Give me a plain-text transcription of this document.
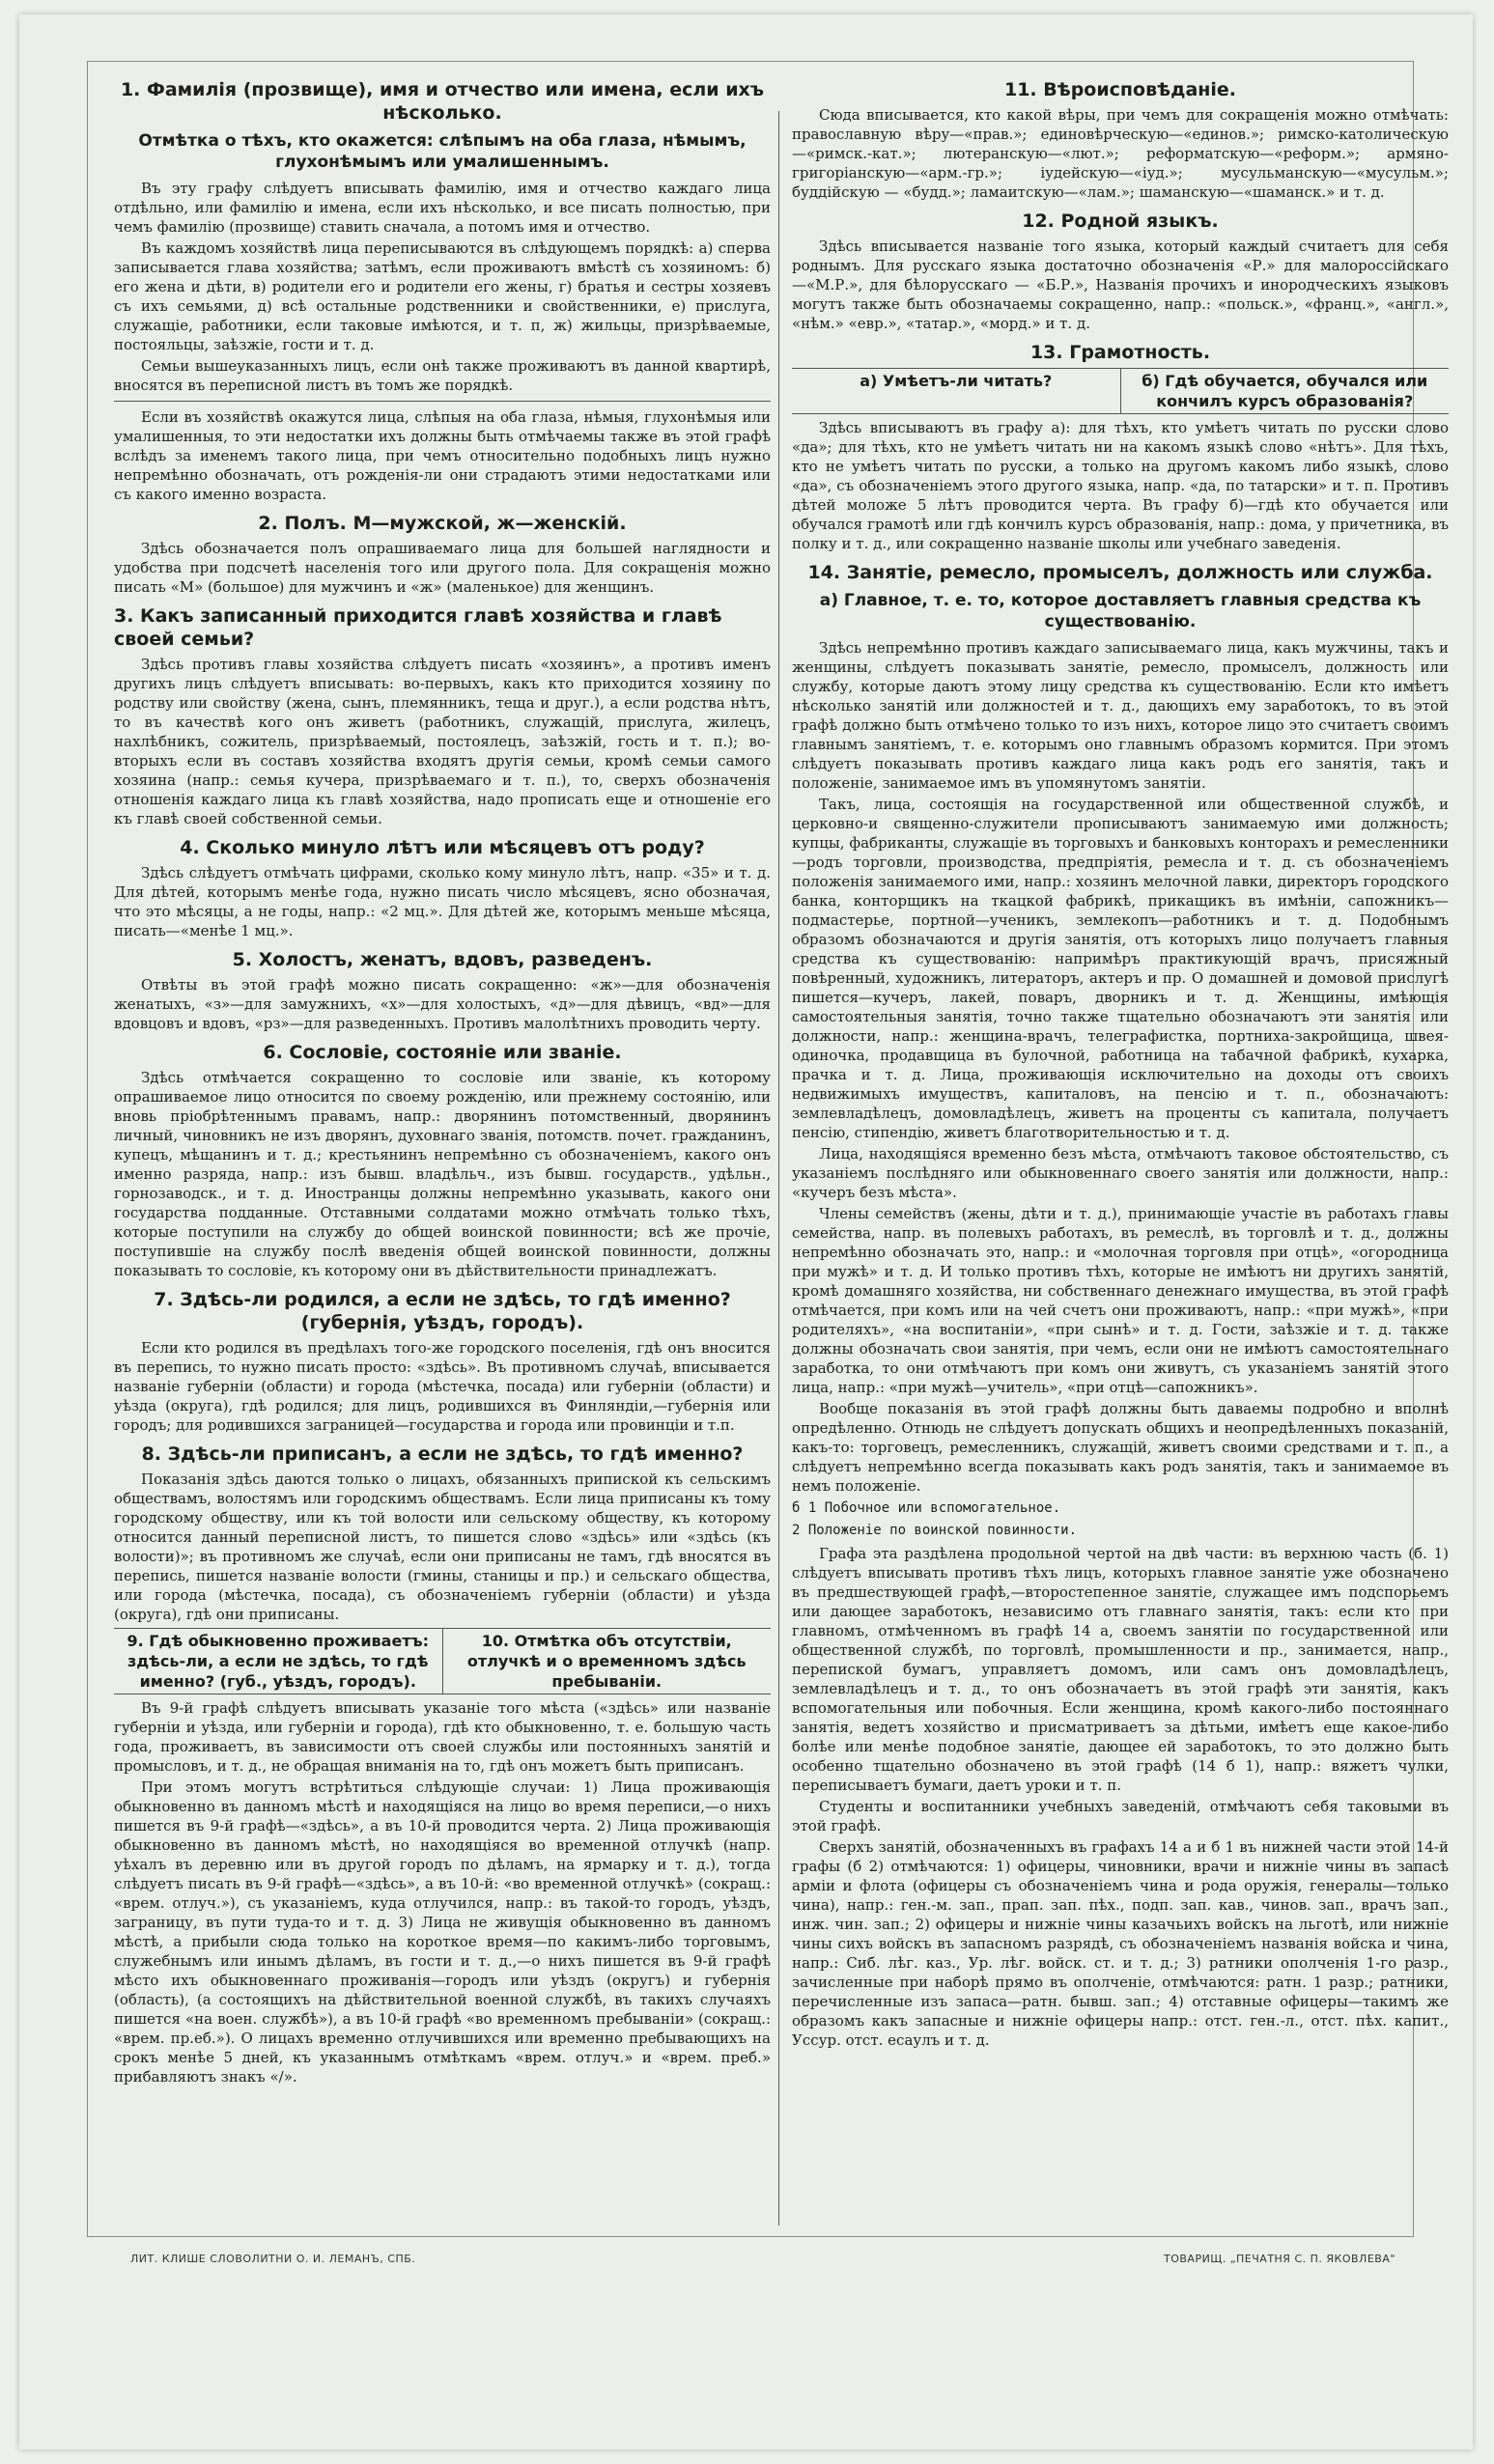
1. Фамилія (прозвище), имя и отчество или имена, если ихъ нѣсколько.
Отмѣтка о тѣхъ, кто окажется: слѣпымъ на оба глаза, нѣмымъ, глухонѣмымъ или умалишеннымъ.

Въ эту графу слѣдуетъ вписывать фамилію, имя и отчество каждаго лица отдѣльно, или фамилію и имена, если ихъ нѣсколько, и все писать полностью, при чемъ фамилію (прозвище) ставить сначала, а потомъ имя и отчество.

Въ каждомъ хозяйствѣ лица переписываются въ слѣдующемъ порядкѣ: а) сперва записывается глава хозяйства; затѣмъ, если проживаютъ вмѣстѣ съ хозяиномъ: б) его жена и дѣти, в) родители его и родители его жены, г) братья и сестры хозяевъ съ ихъ семьями, д) всѣ остальные родственники и свойственники, е) прислуга, служащіе, работники, если таковые имѣются, и т. п, ж) жильцы, призрѣваемые, постояльцы, заѣзжіе, гости и т. д.

Семьи вышеуказанныхъ лицъ, если онѣ также проживаютъ въ данной квартирѣ, вносятся въ переписной листъ въ томъ же порядкѣ.

Если въ хозяйствѣ окажутся лица, слѣпыя на оба глаза, нѣмыя, глухонѣмыя или умалишенныя, то эти недостатки ихъ должны быть отмѣчаемы также въ этой графѣ вслѣдъ за именемъ такого лица, при чемъ относительно подобныхъ лицъ нужно непремѣнно обозначать, отъ рожденія-ли они страдаютъ этими недостатками или съ какого именно возраста.

2. Полъ. М—мужской, ж—женскій.

Здѣсь обозначается полъ опрашиваемаго лица для большей наглядности и удобства при подсчетѣ населенія того или другого пола. Для сокращенія можно писать «М» (большое) для мужчинъ и «ж» (маленькое) для женщинъ.

3. Какъ записанный приходится главѣ хозяйства и главѣ своей семьи?

Здѣсь противъ главы хозяйства слѣдуетъ писать «хозяинъ», а противъ именъ другихъ лицъ слѣдуетъ вписывать: во-первыхъ, какъ кто приходится хозяину по родству или свойству (жена, сынъ, племянникъ, теща и друг.), а если родства нѣтъ, то въ качествѣ кого онъ живетъ (работникъ, служащій, прислуга, жилецъ, нахлѣбникъ, сожитель, призрѣваемый, постоялецъ, заѣзжій, гость и т. п.); во-вторыхъ если въ составъ хозяйства входятъ другія семьи, кромѣ семьи самого хозяина (напр.: семья кучера, призрѣваемаго и т. п.), то, сверхъ обозначенія отношенія каждаго лица къ главѣ хозяйства, надо прописать еще и отношеніе его къ главѣ своей собственной семьи.

4. Сколько минуло лѣтъ или мѣсяцевъ отъ роду?

Здѣсь слѣдуетъ отмѣчать цифрами, сколько кому минуло лѣтъ, напр. «35» и т. д. Для дѣтей, которымъ менѣе года, нужно писать число мѣсяцевъ, ясно обозначая, что это мѣсяцы, а не годы, напр.: «2 мц.». Для дѣтей же, которымъ меньше мѣсяца, писать—«менѣе 1 мц.».

5. Холостъ, женатъ, вдовъ, разведенъ.

Отвѣты въ этой графѣ можно писать сокращенно: «ж»—для обозначенія женатыхъ, «з»—для замужнихъ, «х»—для холостыхъ, «д»—для дѣвицъ, «вд»—для вдовцовъ и вдовъ, «рз»—для разведенныхъ. Противъ малолѣтнихъ проводить черту.

6. Сословіе, состояніе или званіе.

Здѣсь отмѣчается сокращенно то сословіе или званіе, къ которому опрашиваемое лицо относится по своему рожденію, или прежнему состоянію, или вновь пріобрѣтеннымъ правамъ, напр.: дворянинъ потомственный, дворянинъ личный, чиновникъ не изъ дворянъ, духовнаго званія, потомств. почет. гражданинъ, купецъ, мѣщанинъ и т. д.; крестьянинъ непремѣнно съ обозначеніемъ, какого онъ именно разряда, напр.: изъ бывш. владѣльч., изъ бывш. государств., удѣльн., горнозаводск., и т. д. Иностранцы должны непремѣнно указывать, какого они государства подданные. Отставными солдатами можно отмѣчать только тѣхъ, которые поступили на службу до общей воинской повинности; всѣ же прочіе, поступившіе на службу послѣ введенія общей воинской повинности, должны показывать то сословіе, къ которому они въ дѣйствительности принадлежатъ.

7. Здѣсь-ли родился, а если не здѣсь, то гдѣ именно? (губернія, уѣздъ, городъ).

Если кто родился въ предѣлахъ того-же городского поселенія, гдѣ онъ вносится въ перепись, то нужно писать просто: «здѣсь». Въ противномъ случаѣ, вписывается названіе губерніи (области) и города (мѣстечка, посада) или губерніи (области) и уѣзда (округа), гдѣ родился; для лицъ, родившихся въ Финляндіи,—губернія или городъ; для родившихся заграницей—государства и города или провинціи и т.п.

8. Здѣсь-ли приписанъ, а если не здѣсь, то гдѣ именно?

Показанія здѣсь даются только о лицахъ, обязанныхъ припиской къ сельскимъ обществамъ, волостямъ или городскимъ обществамъ. Если лица приписаны къ тому городскому обществу, или къ той волости или сельскому обществу, къ которому относится данный переписной листъ, то пишется слово «здѣсь» или «здѣсь (къ волости)»; въ противномъ же случаѣ, если они приписаны не тамъ, гдѣ вносятся въ перепись, пишется названіе волости (гмины, станицы и пр.) и сельскаго общества, или города (мѣстечка, посада), съ обозначеніемъ губерніи (области) и уѣзда (округа), гдѣ они приписаны.

9. Гдѣ обыкновенно проживаетъ: здѣсь-ли, а если не здѣсь, то гдѣ именно? (губ., уѣздъ, городъ).
10. Отмѣтка объ отсутствіи, отлучкѣ и о временномъ здѣсь пребываніи.

Въ 9-й графѣ слѣдуетъ вписывать указаніе того мѣста («здѣсь» или названіе губерніи и уѣзда, или губерніи и города), гдѣ кто обыкновенно, т. е. большую часть года, проживаетъ, въ зависимости отъ своей службы или постоянныхъ занятій и промысловъ, и т. д., не обращая вниманія на то, гдѣ онъ можетъ быть приписанъ.

При этомъ могутъ встрѣтиться слѣдующіе случаи: 1) Лица проживающія обыкновенно въ данномъ мѣстѣ и находящіяся на лицо во время переписи,—о нихъ пишется въ 9-й графѣ—«здѣсь», а въ 10-й проводится черта. 2) Лица проживающія обыкновенно въ данномъ мѣстѣ, но находящіяся во временной отлучкѣ (напр. уѣхалъ въ деревню или въ другой городъ по дѣламъ, на ярмарку и т. д.), тогда слѣдуетъ писать въ 9-й графѣ—«здѣсь», а въ 10-й: «во временной отлучкѣ» (сокращ.: «врем. отлуч.»), съ указаніемъ, куда отлучился, напр.: въ такой-то городъ, уѣздъ, заграницу, въ пути туда-то и т. д. 3) Лица не живущія обыкновенно въ данномъ мѣстѣ, а прибыли сюда только на короткое время—по какимъ-либо торговымъ, служебнымъ или инымъ дѣламъ, въ гости и т. д.,—о нихъ пишется въ 9-й графѣ мѣсто ихъ обыкновеннаго проживанія—городъ или уѣздъ (округъ) и губернія (область), (а состоящихъ на дѣйствительной военной службѣ, въ такихъ случаяхъ пишется «на воен. службѣ»), а въ 10-й графѣ «во временномъ пребываніи» (сокращ.: «врем. пр.еб.»). О лицахъ временно отлучившихся или временно пребывающихъ на срокъ менѣе 5 дней, къ указаннымъ отмѣткамъ «врем. отлуч.» и «врем. преб.» прибавляютъ знакъ «/».

11. Вѣроисповѣданіе.

Сюда вписывается, кто какой вѣры, при чемъ для сокращенія можно отмѣчать: православную вѣру—«прав.»; единовѣрческую—«единов.»; римско-католическую—«римск.-кат.»; лютеранскую—«лют.»; реформатскую—«реформ.»; армяно-григоріанскую—«арм.-гр.»; іудейскую—«іуд.»; мусульманскую—«мусульм.»; буддійскую — «будд.»; ламаитскую—«лам.»; шаманскую—«шаманск.» и т. д.

12. Родной языкъ.

Здѣсь вписывается названіе того языка, который каждый считаетъ для себя роднымъ. Для русскаго языка достаточно обозначенія «Р.» для малороссійскаго—«М.Р.», для бѣлорусскаго — «Б.Р.», Названія прочихъ и инородческихъ языковъ могутъ также быть обозначаемы сокращенно, напр.: «польск.», «франц.», «англ.», «нѣм.» «евр.», «татар.», «морд.» и т. д.

13. Грамотность.
а) Умѣетъ-ли читать?	б) Гдѣ обучается, обучался или кончилъ курсъ образованія?

Здѣсь вписываютъ въ графу а): для тѣхъ, кто умѣетъ читать по русски слово «да»; для тѣхъ, кто не умѣетъ читать ни на какомъ языкѣ слово «нѣтъ». Для тѣхъ, кто не умѣетъ читать по русски, а только на другомъ какомъ либо языкѣ, слово «да», съ обозначеніемъ этого другого языка, напр. «да, по татарски» и т. п. Противъ дѣтей моложе 5 лѣтъ проводится черта. Въ графу б)—гдѣ кто обучается или обучался грамотѣ или гдѣ кончилъ курсъ образованія, напр.: дома, у причетника, въ полку и т. д., или сокращенно названіе школы или учебнаго заведенія.

14. Занятіе, ремесло, промыселъ, должность или служба.
а) Главное, т. е. то, которое доставляетъ главныя средства къ существованію.

Здѣсь непремѣнно противъ каждаго записываемаго лица, какъ мужчины, такъ и женщины, слѣдуетъ показывать занятіе, ремесло, промыселъ, должность или службу, которые даютъ этому лицу средства къ существованію. Если кто имѣетъ нѣсколько занятій или должностей и т. д., дающихъ ему заработокъ, то въ этой графѣ должно быть отмѣчено только то изъ нихъ, которое лицо это считаетъ своимъ главнымъ занятіемъ, т. е. которымъ оно главнымъ образомъ кормится. При этомъ слѣдуетъ показывать противъ каждаго лица какъ родъ его занятія, такъ и положеніе, занимаемое имъ въ упомянутомъ занятіи.

Такъ, лица, состоящія на государственной или общественной службѣ, и церковно-и священно-служители прописываютъ занимаемую ими должность; купцы, фабриканты, служащіе въ торговыхъ и банковыхъ конторахъ и ремесленники—родъ торговли, производства, предпріятія, ремесла и т. д. съ обозначеніемъ положенія занимаемого ими, напр.: хозяинъ мелочной лавки, директоръ городского банка, конторщикъ на ткацкой фабрикѣ, прикащикъ въ имѣніи, сапожникъ—подмастерье, портной—ученикъ, землекопъ—работникъ и т. д. Подобнымъ образомъ обозначаются и другія занятія, отъ которыхъ лицо получаетъ главныя средства къ существованію: напримѣръ практикующій врачъ, присяжный повѣренный, художникъ, литераторъ, актеръ и пр. О домашней и домовой прислугѣ пишется—кучеръ, лакей, поваръ, дворникъ и т. д. Женщины, имѣющія самостоятельныя занятія, точно также тщательно обозначаютъ эти занятія или должности, напр.: женщина-врачъ, телеграфистка, портниха-закройщица, швея-одиночка, продавщица въ булочной, работница на табачной фабрикѣ, кухарка, прачка и т. д. Лица, проживающія исключительно на доходы отъ своихъ недвижимыхъ имуществъ, капиталовъ, на пенсію и т. п., обозначаютъ: землевладѣлецъ, домовладѣлецъ, живетъ на проценты съ капитала, получаетъ пенсію, стипендію, живетъ благотворительностью и т. д.

Лица, находящіяся временно безъ мѣста, отмѣчаютъ таковое обстоятельство, съ указаніемъ послѣдняго или обыкновеннаго своего занятія или должности, напр.: «кучеръ безъ мѣста».

Члены семействъ (жены, дѣти и т. д.), принимающіе участіе въ работахъ главы семейства, напр. въ полевыхъ работахъ, въ ремеслѣ, въ торговлѣ и т. д., должны непремѣнно обозначать это, напр.: и «молочная торговля при отцѣ», «огородница при мужѣ» и т. д. И только противъ тѣхъ, которые не имѣютъ ни другихъ занятій, кромѣ домашняго хозяйства, ни собственнаго денежнаго имущества, въ этой графѣ отмѣчается, при комъ или на чей счетъ они проживаютъ, напр.: «при мужѣ», «при родителяхъ», «на воспитаніи», «при сынѣ» и т. д. Гости, заѣзжіе и т. д. также должны обозначать свои занятія, при чемъ, если они не имѣютъ самостоятельнаго заработка, то они отмѣчаютъ при комъ они живутъ, съ указаніемъ занятій этого лица, напр.: «при мужѣ—учитель», «при отцѣ—сапожникъ».

Вообще показанія въ этой графѣ должны быть даваемы подробно и вполнѣ опредѣленно. Отнюдь не слѣдуетъ допускать общихъ и неопредѣленныхъ показаній, какъ-то: торговецъ, ремесленникъ, служащій, живетъ своими средствами и т. п., а слѣдуетъ непремѣнно всегда показывать какъ родъ занятія, такъ и занимаемое въ немъ положеніе.

б 1 Побочное или вспомогательное.

2 Положеніе по воинской повинности.

Графа эта раздѣлена продольной чертой на двѣ части: въ верхнюю часть (б. 1) слѣдуетъ вписывать противъ тѣхъ лицъ, которыхъ главное занятіе уже обозначено въ предшествующей графѣ,—второстепенное занятіе, служащее имъ подспорьемъ или дающее заработокъ, независимо отъ главнаго занятія, такъ: если кто при главномъ, отмѣченномъ въ графѣ 14 а, своемъ занятіи по государственной или общественной службѣ, по торговлѣ, промышленности и пр., занимается, напр., перепиской бумагъ, управляетъ домомъ, или самъ онъ домовладѣлецъ, землевладѣлецъ и т. д., то онъ обозначаетъ въ этой графѣ эти занятія, какъ вспомогательныя или побочныя. Если женщина, кромѣ какого-либо постояннаго занятія, ведетъ хозяйство и присматриваетъ за дѣтьми, имѣетъ еще какое-либо болѣе или менѣе подобное занятіе, дающее ей заработокъ, то это должно быть особенно тщательно обозначено въ этой графѣ (14 б 1), напр.: вяжетъ чулки, переписываетъ бумаги, даетъ уроки и т. п.

Студенты и воспитанники учебныхъ заведеній, отмѣчаютъ себя таковыми въ этой графѣ.

Сверхъ занятій, обозначенныхъ въ графахъ 14 а и б 1 въ нижней части этой 14-й графы (б 2) отмѣчаются: 1) офицеры, чиновники, врачи и нижніе чины въ запасѣ арміи и флота (офицеры съ обозначеніемъ чина и рода оружія, генералы—только чина), напр.: ген.-м. зап., прап. зап. пѣх., подп. зап. кав., чинов. зап., врачъ зап., инж. чин. зап.; 2) офицеры и нижніе чины казачьихъ войскъ на льготѣ, или нижніе чины сихъ войскъ въ запасномъ разрядѣ, съ обозначеніемъ названія войска и чина, напр.: Сиб. лѣг. каз., Ур. лѣг. войск. ст. и т. д.; 3) ратники ополченія 1-го разр., зачисленные при наборѣ прямо въ ополченіе, отмѣчаются: ратн. 1 разр.; ратники, перечисленные изъ запаса—ратн. бывш. зап.; 4) отставные офицеры—такимъ же образомъ какъ запасные и нижніе офицеры напр.: отст. ген.-л., отст. пѣх. капит., Уссур. отст. есаулъ и т. д.

ЛИТ. КЛИШЕ СЛОВОЛИТНИ О. И. ЛЕМАНЪ, СПБ.	ТОВАРИЩ. „ПЕЧАТНЯ С. П. ЯКОВЛЕВА"
